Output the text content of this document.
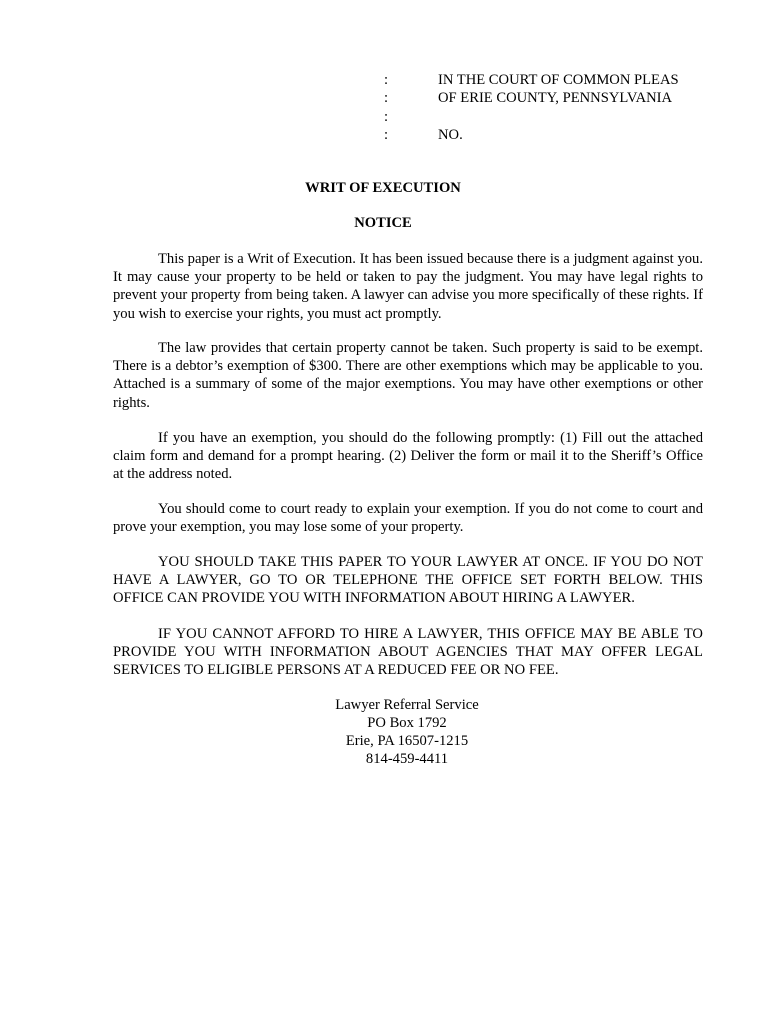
:	IN THE COURT OF COMMON PLEAS
:	OF ERIE COUNTY, PENNSYLVANIA
:
:	NO.
WRIT OF EXECUTION
NOTICE

This paper is a Writ of Execution. It has been issued because there is a judgment against you. It may cause your property to be held or taken to pay the judgment. You may have legal rights to prevent your property from being taken. A lawyer can advise you more specifically of these rights. If you wish to exercise your rights, you must act promptly.

The law provides that certain property cannot be taken. Such property is said to be exempt. There is a debtor’s exemption of $300. There are other exemptions which may be applicable to you. Attached is a summary of some of the major exemptions. You may have other exemptions or other rights.

If you have an exemption, you should do the following promptly: (1) Fill out the attached claim form and demand for a prompt hearing. (2) Deliver the form or mail it to the Sheriff’s Office at the address noted.

You should come to court ready to explain your exemption. If you do not come to court and prove your exemption, you may lose some of your property.

YOU SHOULD TAKE THIS PAPER TO YOUR LAWYER AT ONCE. IF YOU DO NOT HAVE A LAWYER, GO TO OR TELEPHONE THE OFFICE SET FORTH BELOW. THIS OFFICE CAN PROVIDE YOU WITH INFORMATION ABOUT HIRING A LAWYER.

IF YOU CANNOT AFFORD TO HIRE A LAWYER, THIS OFFICE MAY BE ABLE TO PROVIDE YOU WITH INFORMATION ABOUT AGENCIES THAT MAY OFFER LEGAL SERVICES TO ELIGIBLE PERSONS AT A REDUCED FEE OR NO FEE.

Lawyer Referral Service
PO Box 1792
Erie, PA 16507-1215
814-459-4411
